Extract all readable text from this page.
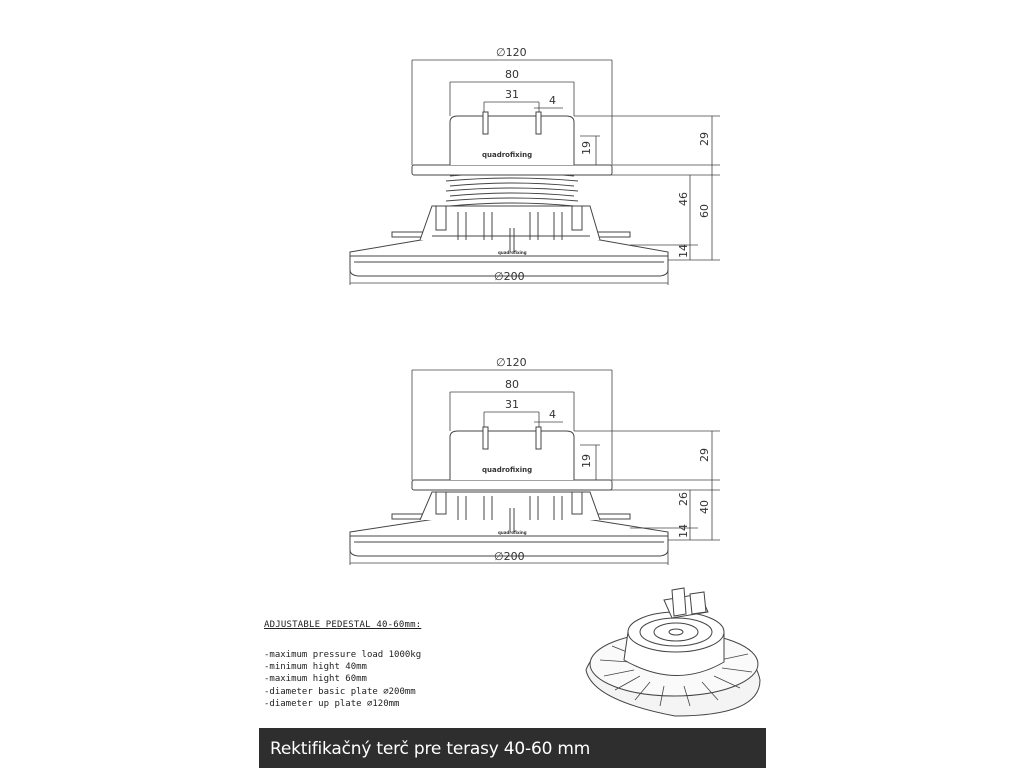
quadrofixing
quadrofixing
∅120
80
31	4
29
19
46
60
14
∅200
quadrofixing
quadrofixing
∅120
80
31
4
29
19
26
40
14
∅200
ADJUSTABLE PEDESTAL 40-60mm:
-maximum pressure load 1000kg
-minimum hight 40mm
-maximum hight 60mm
-diameter basic plate ∅200mm
-diameter up plate ∅120mm
Rektifikačný terč pre terasy 40-60 mm
